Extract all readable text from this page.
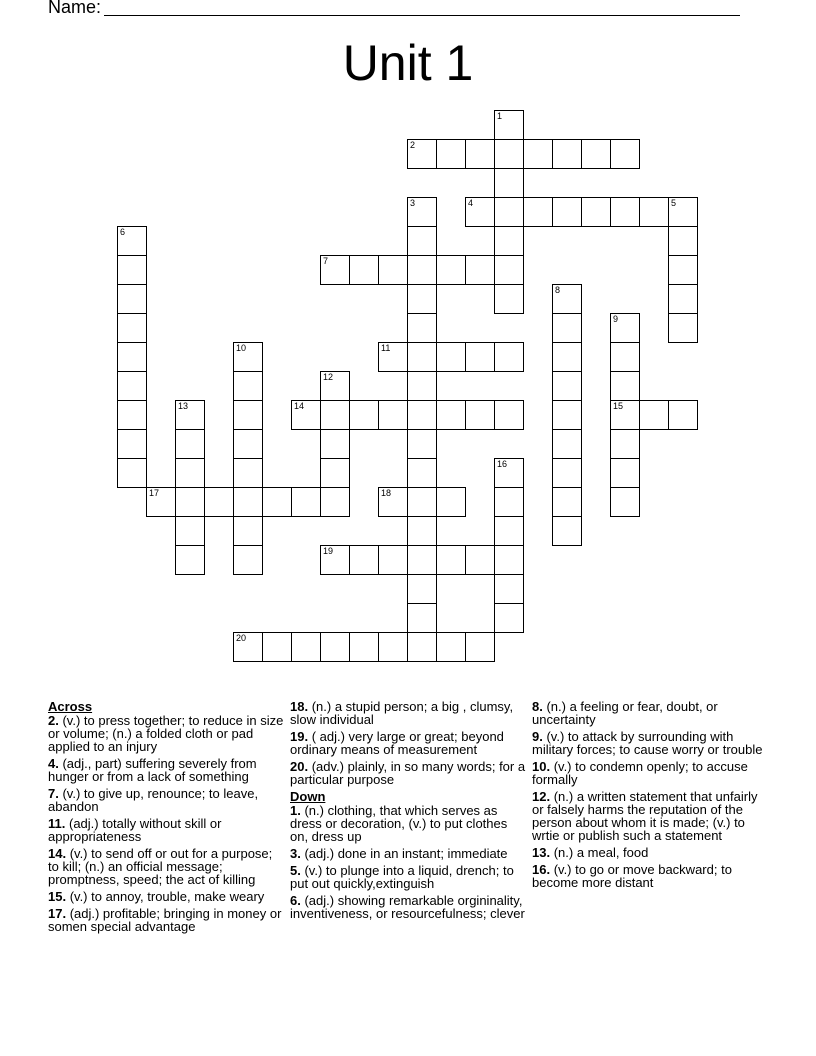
Name:
Unit 1
1
2
3	4	5
6
7
8
9
15
10	11
12
13	14
16
17	18
19
20
Across
2. (v.) to press together; to reduce in size or volume; (n.) a folded cloth or pad applied to an injury
4. (adj., part) suffering severely from hunger or from a lack of something
7. (v.) to give up, renounce; to leave, abandon
11. (adj.) totally without skill or appropriateness
14. (v.) to send off or out for a purpose; to kill; (n.) an official message; promptness, speed; the act of killing
15. (v.) to annoy, trouble, make weary
17. (adj.) profitable; bringing in money or somen special advantage
18. (n.) a stupid person; a big , clumsy, slow individual
19. ( adj.) very large or great; beyond ordinary means of measurement
20. (adv.) plainly, in so many words; for a particular purpose
Down
1. (n.) clothing, that which serves as dress or decoration, (v.) to put clothes on, dress up
3. (adj.) done in an instant; immediate
5. (v.) to plunge into a liquid, drench; to put out quickly,extinguish
6. (adj.) showing remarkable orgininality, inventiveness, or resourcefulness; clever
8. (n.) a feeling or fear, doubt, or uncertainty
9. (v.) to attack by surrounding with military forces; to cause worry or trouble
10. (v.) to condemn openly; to accuse formally
12. (n.) a written statement that unfairly or falsely harms the reputation of the person about whom it is made; (v.) to wrtie or publish such a statement
13. (n.) a meal, food
16. (v.) to go or move backward; to become more distant
